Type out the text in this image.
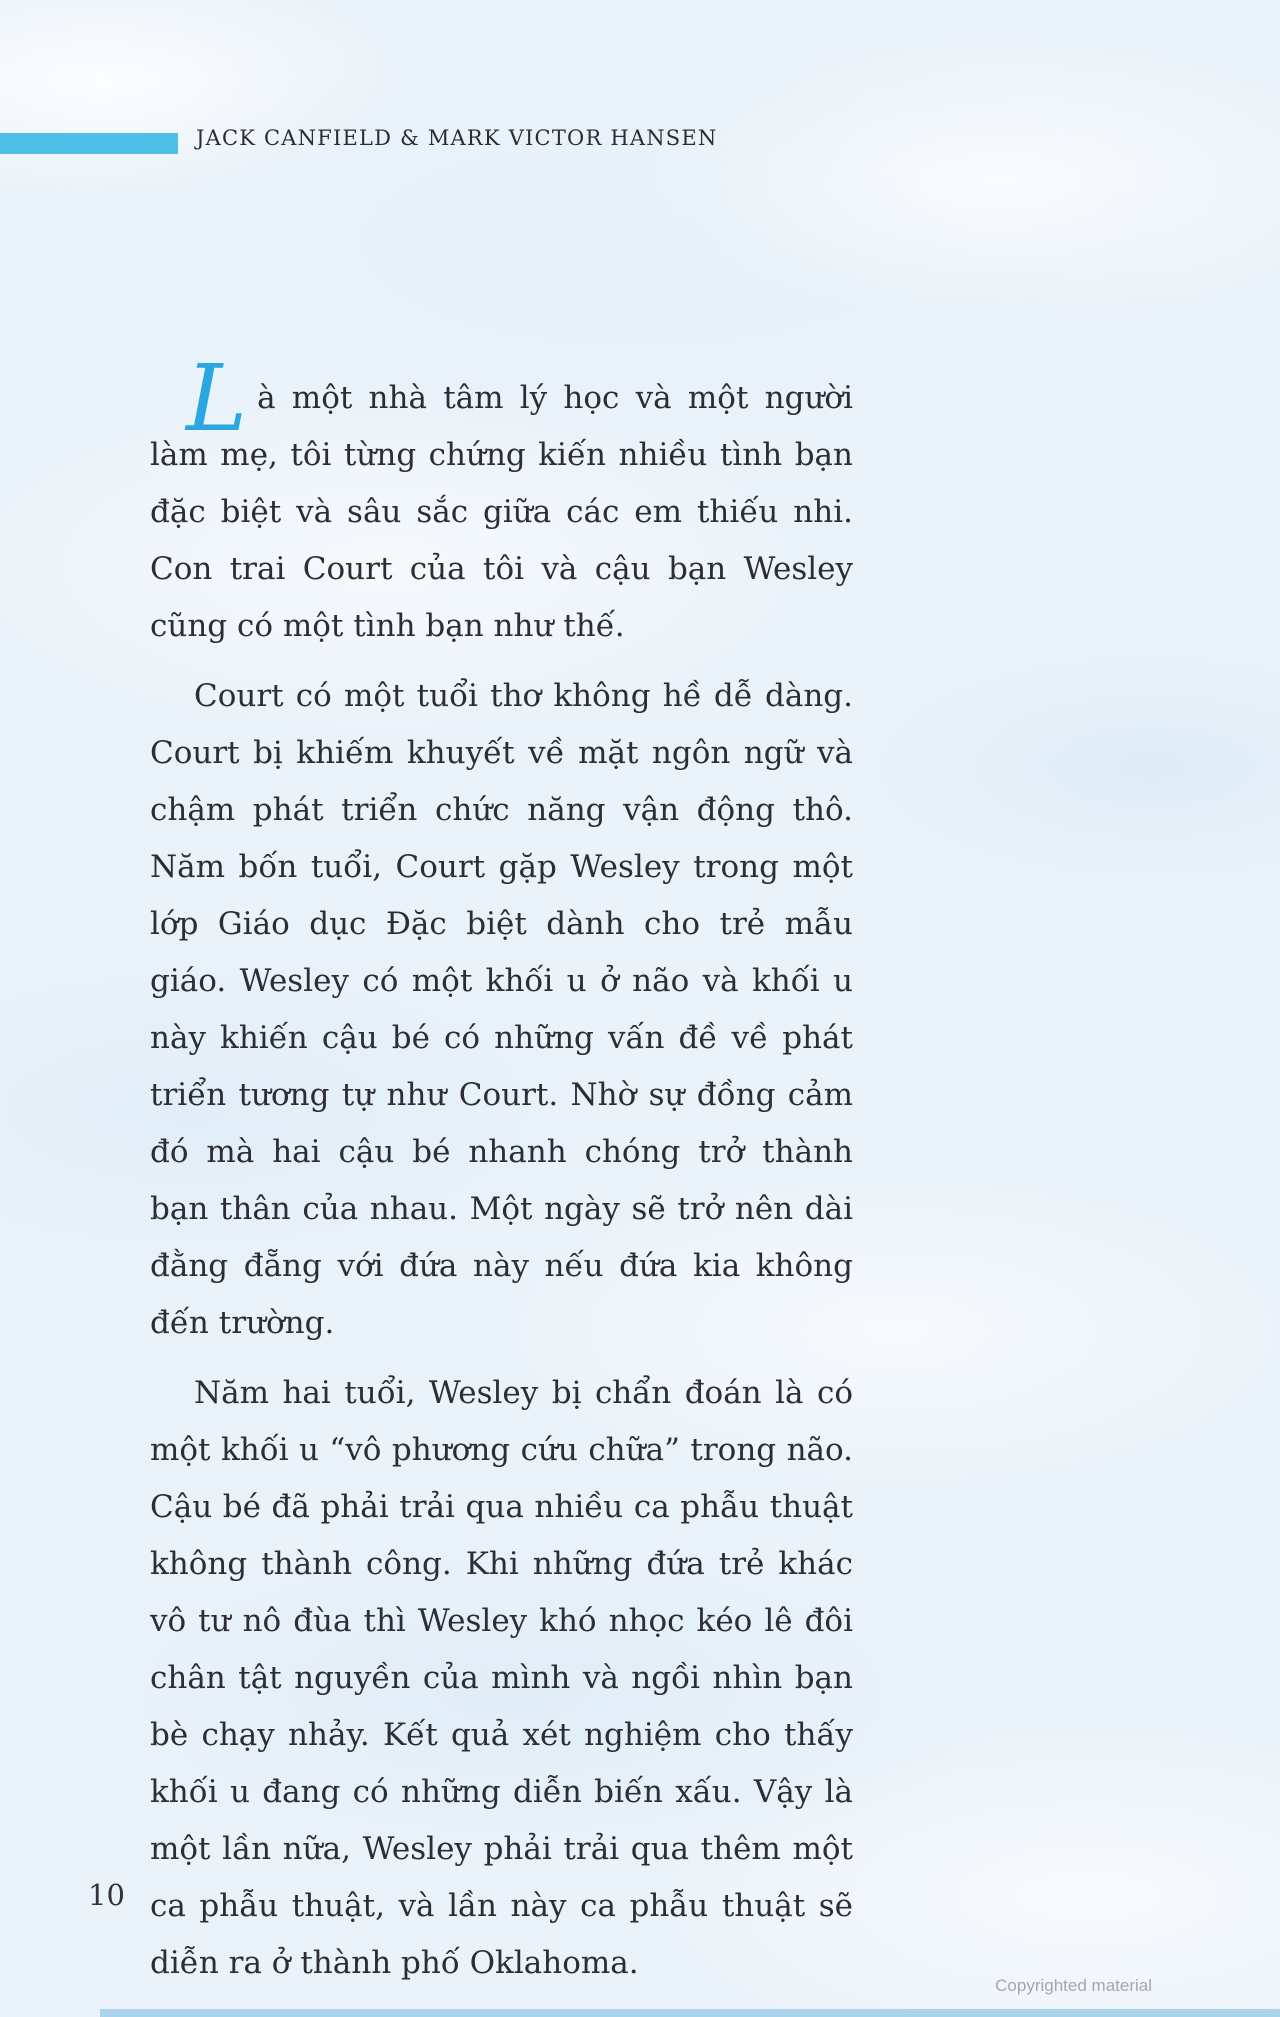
JACK CANFIELD & MARK VICTOR HANSEN

Là một nhà tâm lý học và một người làm mẹ, tôi từng chứng kiến nhiều tình bạn đặc biệt và sâu sắc giữa các em thiếu nhi. Con trai Court của tôi và cậu bạn Wesley cũng có một tình bạn như thế.

Court có một tuổi thơ không hề dễ dàng. Court bị khiếm khuyết về mặt ngôn ngữ và chậm phát triển chức năng vận động thô. Năm bốn tuổi, Court gặp Wesley trong một lớp Giáo dục Đặc biệt dành cho trẻ mẫu giáo. Wesley có một khối u ở não và khối u này khiến cậu bé có những vấn đề về phát triển tương tự như Court. Nhờ sự đồng cảm đó mà hai cậu bé nhanh chóng trở thành bạn thân của nhau. Một ngày sẽ trở nên dài đằng đẵng với đứa này nếu đứa kia không đến trường.

Năm hai tuổi, Wesley bị chẩn đoán là có một khối u “vô phương cứu chữa” trong não. Cậu bé đã phải trải qua nhiều ca phẫu thuật không thành công. Khi những đứa trẻ khác vô tư nô đùa thì Wesley khó nhọc kéo lê đôi chân tật nguyền của mình và ngồi nhìn bạn bè chạy nhảy. Kết quả xét nghiệm cho thấy khối u đang có những diễn biến xấu. Vậy là một lần nữa, Wesley phải trải qua thêm một ca phẫu thuật, và lần này ca phẫu thuật sẽ diễn ra ở thành phố Oklahoma.

10
Copyrighted material
